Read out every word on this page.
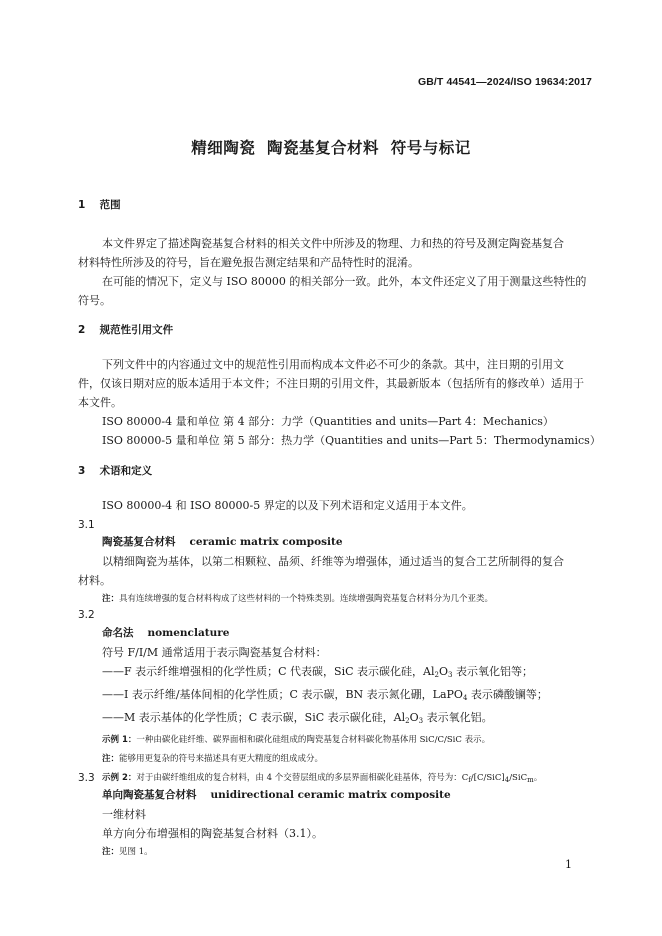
GB/T 44541—2024/ISO 19634:2017
精细陶瓷  陶瓷基复合材料  符号与标记
1 范围
本文件界定了描述陶瓷基复合材料的相关文件中所涉及的物理、力和热的符号及测定陶瓷基复合
材料特性所涉及的符号，旨在避免报告测定结果和产品特性时的混淆。
在可能的情况下，定义与 ISO 80000 的相关部分一致。此外，本文件还定义了用于测量这些特性的
符号。
2 规范性引用文件
下列文件中的内容通过文中的规范性引用而构成本文件必不可少的条款。其中，注日期的引用文
件，仅该日期对应的版本适用于本文件；不注日期的引用文件，其最新版本（包括所有的修改单）适用于
本文件。
ISO 80000-4 量和单位 第 4 部分：力学（Quantities and units—Part 4：Mechanics）
ISO 80000-5 量和单位 第 5 部分：热力学（Quantities and units—Part 5：Thermodynamics）
3 术语和定义
ISO 80000-4 和 ISO 80000-5 界定的以及下列术语和定义适用于本文件。
3.1
陶瓷基复合材料 ceramic matrix composite
以精细陶瓷为基体，以第二相颗粒、晶须、纤维等为增强体，通过适当的复合工艺所制得的复合
材料。
注：具有连续增强的复合材料构成了这些材料的一个特殊类别。连续增强陶瓷基复合材料分为几个亚类。
3.2
命名法 nomenclature
符号 F/I/M 通常适用于表示陶瓷基复合材料：
——F 表示纤维增强相的化学性质；C 代表碳，SiC 表示碳化硅，$Al_2O_3$ 表示氧化铝等；
——I 表示纤维/基体间相的化学性质；C 表示碳，BN 表示氮化硼，LaPO$_4$ 表示磷酸镧等；
——M 表示基体的化学性质；C 表示碳，SiC 表示碳化硅，$Al_2O_3$ 表示氧化铝。
示例 1：一种由碳化硅纤维、碳界面相和碳化硅组成的陶瓷基复合材料碳化物基体用 SiC/C/SiC 表示。
注：能够用更复杂的符号来描述具有更大精度的组成成分。
示例 2：对于由碳纤维组成的复合材料，由 4 个交替层组成的多层界面相碳化硅基体，符号为：$C_f/[C/SiC]_4/SiC_m$。
3.3
单向陶瓷基复合材料 unidirectional ceramic matrix composite
一维材料
单方向分布增强相的陶瓷基复合材料（3.1）。
注：见图 1。
1
